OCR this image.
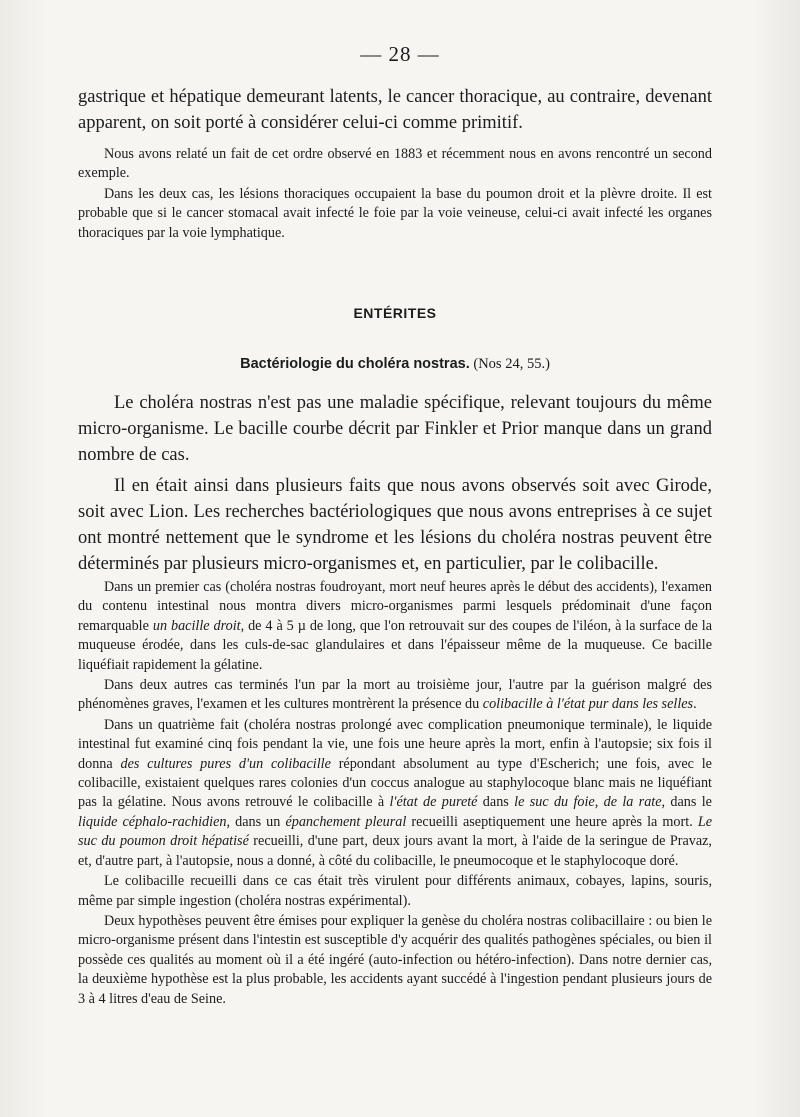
— 28 —

gastrique et hépatique demeurant latents, le cancer thoracique, au contraire, devenant apparent, on soit porté à considérer celui-ci comme primitif.

Nous avons relaté un fait de cet ordre observé en 1883 et récemment nous en avons rencontré un second exemple.

Dans les deux cas, les lésions thoraciques occupaient la base du poumon droit et la plèvre droite. Il est probable que si le cancer stomacal avait infecté le foie par la voie veineuse, celui-ci avait infecté les organes thoraciques par la voie lymphatique.

ENTÉRITES
Bactériologie du choléra nostras. (Nos 24, 55.)

Le choléra nostras n'est pas une maladie spécifique, relevant toujours du même micro-organisme. Le bacille courbe décrit par Finkler et Prior manque dans un grand nombre de cas.

Il en était ainsi dans plusieurs faits que nous avons observés soit avec Girode, soit avec Lion. Les recherches bactériologiques que nous avons entreprises à ce sujet ont montré nettement que le syndrome et les lésions du choléra nostras peuvent être déterminés par plusieurs micro-organismes et, en particulier, par le colibacille.

Dans un premier cas (choléra nostras foudroyant, mort neuf heures après le début des accidents), l'examen du contenu intestinal nous montra divers micro-organismes parmi lesquels prédominait d'une façon remarquable un bacille droit, de 4 à 5 µ de long, que l'on retrouvait sur des coupes de l'iléon, à la surface de la muqueuse érodée, dans les culs-de-sac glandulaires et dans l'épaisseur même de la muqueuse. Ce bacille liquéfiait rapidement la gélatine.

Dans deux autres cas terminés l'un par la mort au troisième jour, l'autre par la guérison malgré des phénomènes graves, l'examen et les cultures montrèrent la présence du colibacille à l'état pur dans les selles.

Dans un quatrième fait (choléra nostras prolongé avec complication pneumonique terminale), le liquide intestinal fut examiné cinq fois pendant la vie, une fois une heure après la mort, enfin à l'autopsie; six fois il donna des cultures pures d'un colibacille répondant absolument au type d'Escherich; une fois, avec le colibacille, existaient quelques rares colonies d'un coccus analogue au staphylocoque blanc mais ne liquéfiant pas la gélatine. Nous avons retrouvé le colibacille à l'état de pureté dans le suc du foie, de la rate, dans le liquide céphalo-rachidien, dans un épanchement pleural recueilli aseptiquement une heure après la mort. Le suc du poumon droit hépatisé recueilli, d'une part, deux jours avant la mort, à l'aide de la seringue de Pravaz, et, d'autre part, à l'autopsie, nous a donné, à côté du colibacille, le pneumocoque et le staphylocoque doré.

Le colibacille recueilli dans ce cas était très virulent pour différents animaux, cobayes, lapins, souris, même par simple ingestion (choléra nostras expérimental).

Deux hypothèses peuvent être émises pour expliquer la genèse du choléra nostras colibacillaire : ou bien le micro-organisme présent dans l'intestin est susceptible d'y acquérir des qualités pathogènes spéciales, ou bien il possède ces qualités au moment où il a été ingéré (auto-infection ou hétéro-infection). Dans notre dernier cas, la deuxième hypothèse est la plus probable, les accidents ayant succédé à l'ingestion pendant plusieurs jours de 3 à 4 litres d'eau de Seine.
